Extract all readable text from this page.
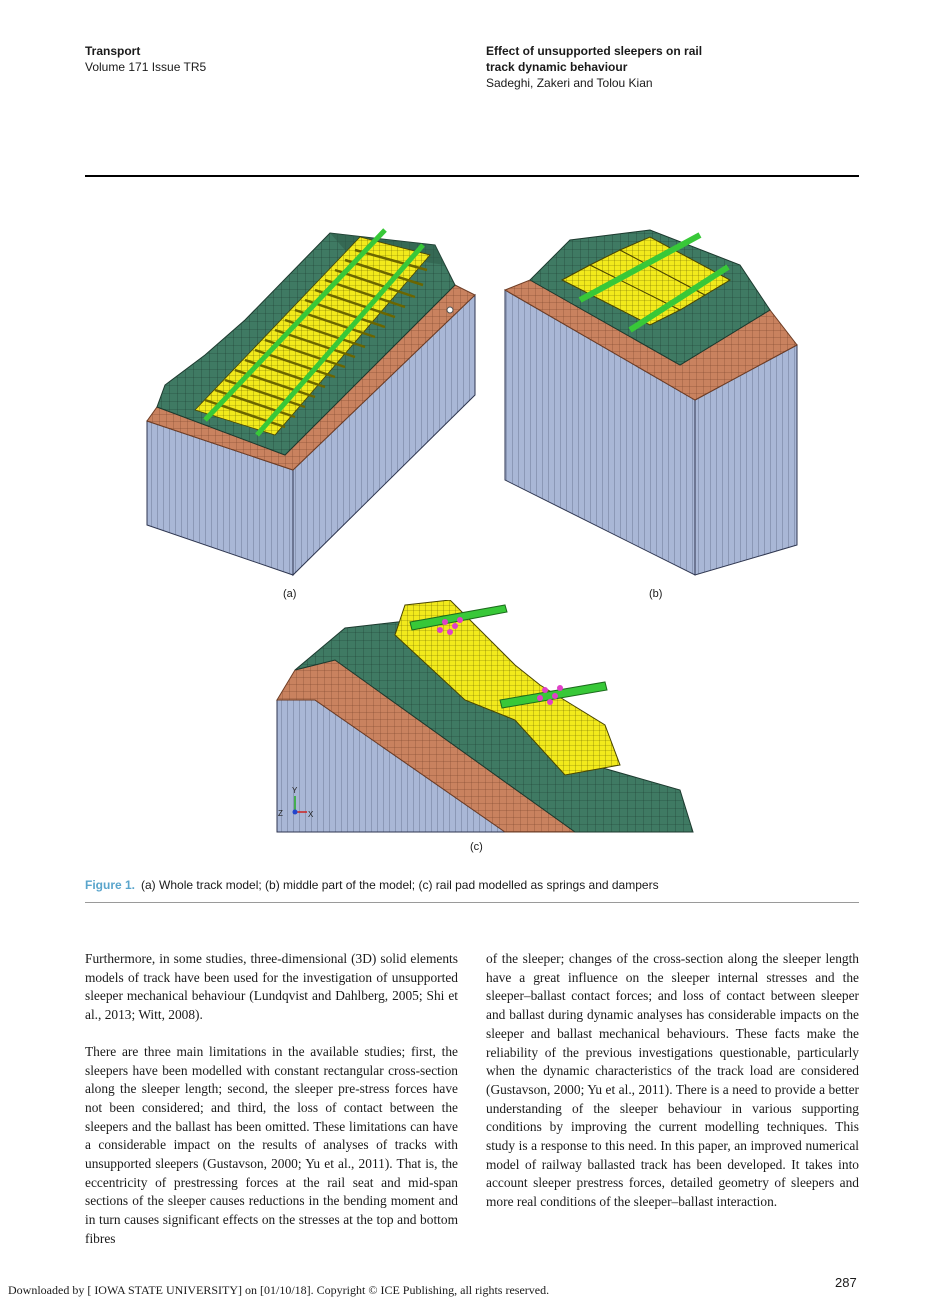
Transport
Volume 171 Issue TR5
Effect of unsupported sleepers on rail
track dynamic behaviour
Sadeghi, Zakeri and Tolou Kian
(a)	(b)
Y
Z	X
(c)
Figure 1. (a) Whole track model; (b) middle part of the model; (c) rail pad modelled as springs and dampers

Furthermore, in some studies, three-dimensional (3D) solid elements models of track have been used for the investigation of unsupported sleeper mechanical behaviour (Lundqvist and Dahlberg, 2005; Shi et al., 2013; Witt, 2008).

There are three main limitations in the available studies; first, the sleepers have been modelled with constant rectangular cross-section along the sleeper length; second, the sleeper pre-stress forces have not been considered; and third, the loss of contact between the sleepers and the ballast has been omitted. These limitations can have a considerable impact on the results of analyses of tracks with unsupported sleepers (Gustavson, 2000; Yu et al., 2011). That is, the eccentricity of prestressing forces at the rail seat and mid-span sections of the sleeper causes reductions in the bending moment and in turn causes significant effects on the stresses at the top and bottom fibres

of the sleeper; changes of the cross-section along the sleeper length have a great influence on the sleeper internal stresses and the sleeper–ballast contact forces; and loss of contact between sleeper and ballast during dynamic analyses has considerable impacts on the sleeper and ballast mechanical behaviours. These facts make the reliability of the previous investigations questionable, particularly when the dynamic characteristics of the track load are considered (Gustavson, 2000; Yu et al., 2011). There is a need to provide a better understanding of the sleeper behaviour in various supporting conditions by improving the current modelling techniques. This study is a response to this need. In this paper, an improved numerical model of railway ballasted track has been developed. It takes into account sleeper prestress forces, detailed geometry of sleepers and more real conditions of the sleeper–ballast interaction.

Downloaded by [ IOWA STATE UNIVERSITY] on [01/10/18]. Copyright © ICE Publishing, all rights reserved.	287
